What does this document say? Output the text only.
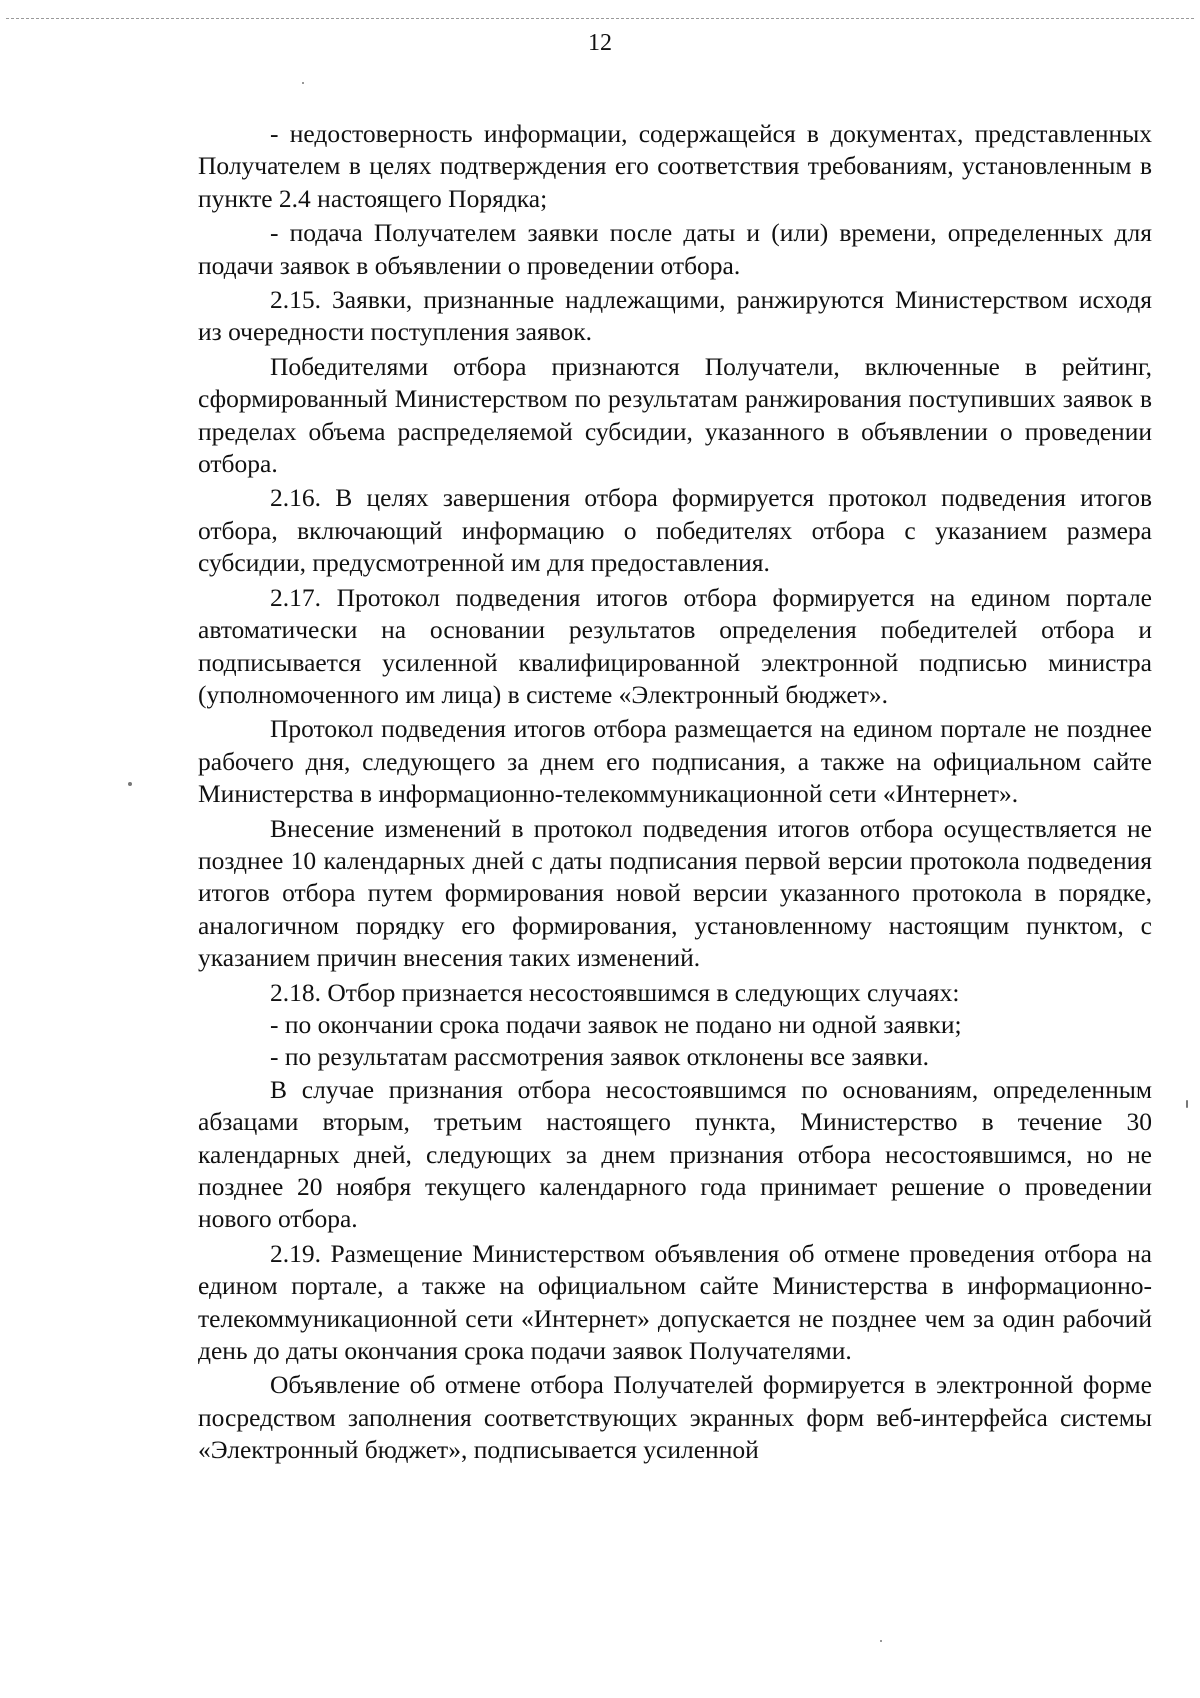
12

- недостоверность информации, содержащейся в документах, представленных Получателем в целях подтверждения его соответствия требованиям, установленным в пункте 2.4 настоящего Порядка;

- подача Получателем заявки после даты и (или) времени, определенных для подачи заявок в объявлении о проведении отбора.

2.15. Заявки, признанные надлежащими, ранжируются Министерством исходя из очередности поступления заявок.

Победителями отбора признаются Получатели, включенные в рейтинг, сформированный Министерством по результатам ранжирования поступивших заявок в пределах объема распределяемой субсидии, указанного в объявлении о проведении отбора.

2.16. В целях завершения отбора формируется протокол подведения итогов отбора, включающий информацию о победителях отбора с указанием размера субсидии, предусмотренной им для предоставления.

2.17. Протокол подведения итогов отбора формируется на едином портале автоматически на основании результатов определения победителей отбора и подписывается усиленной квалифицированной электронной подписью министра (уполномоченного им лица) в системе «Электронный бюджет».

Протокол подведения итогов отбора размещается на едином портале не позднее рабочего дня, следующего за днем его подписания, а также на официальном сайте Министерства в информационно-телекоммуникационной сети «Интернет».

Внесение изменений в протокол подведения итогов отбора осуществляется не позднее 10 календарных дней с даты подписания первой версии протокола подведения итогов отбора путем формирования новой версии указанного протокола в порядке, аналогичном порядку его формирования, установленному настоящим пунктом, с указанием причин внесения таких изменений.

2.18. Отбор признается несостоявшимся в следующих случаях:

- по окончании срока подачи заявок не подано ни одной заявки;

- по результатам рассмотрения заявок отклонены все заявки.

В случае признания отбора несостоявшимся по основаниям, определенным абзацами вторым, третьим настоящего пункта, Министерство в течение 30 календарных дней, следующих за днем признания отбора несостоявшимся, но не позднее 20 ноября текущего календарного года принимает решение о проведении нового отбора.

2.19. Размещение Министерством объявления об отмене проведения отбора на едином портале, а также на официальном сайте Министерства в информационно-телекоммуникационной сети «Интернет» допускается не позднее чем за один рабочий день до даты окончания срока подачи заявок Получателями.

Объявление об отмене отбора Получателей формируется в электронной форме посредством заполнения соответствующих экранных форм веб-интерфейса системы «Электронный бюджет», подписывается усиленной
